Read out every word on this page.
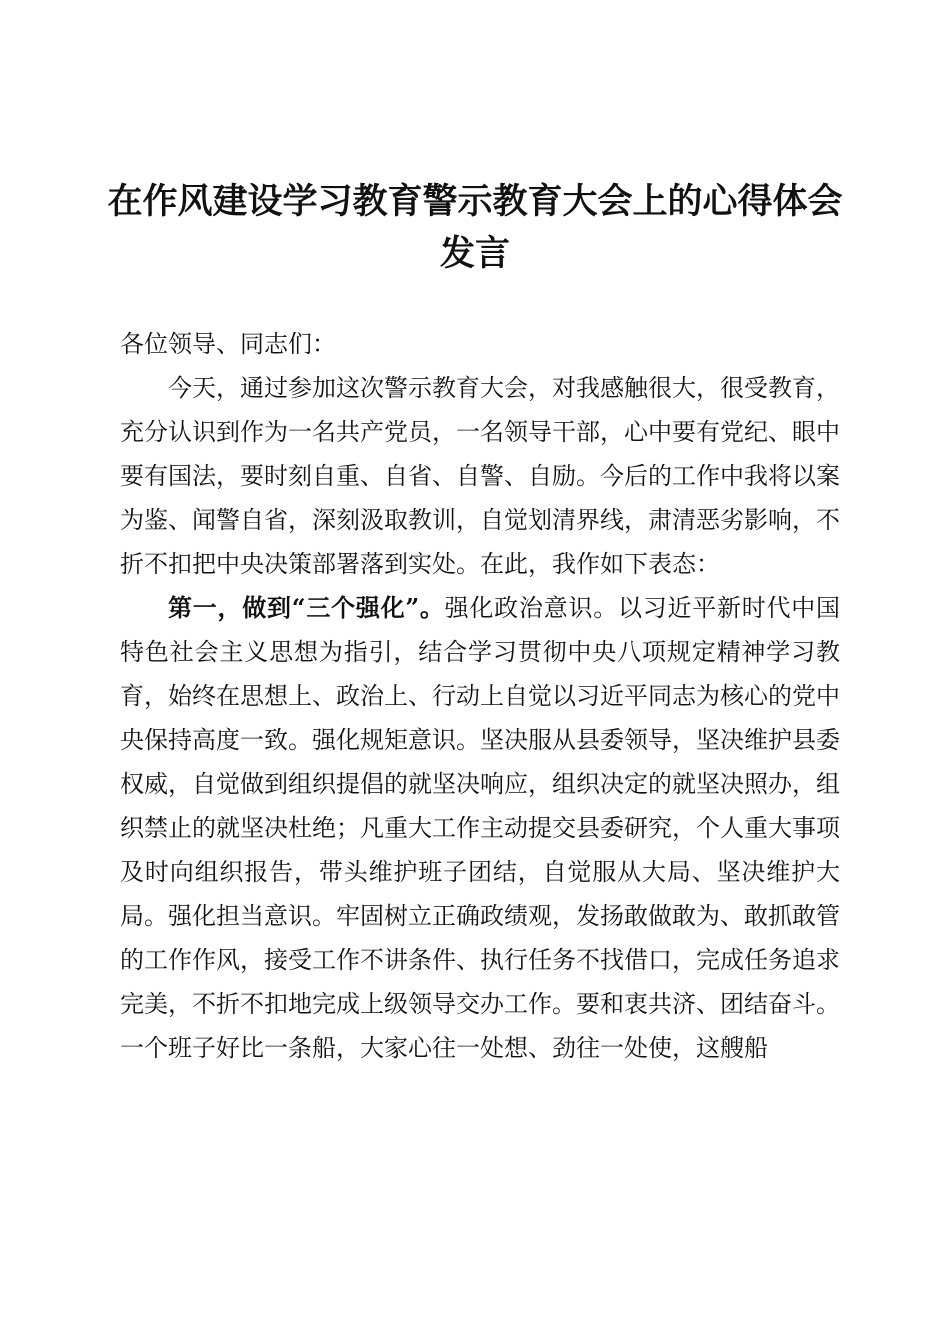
在作风建设学习教育警示教育大会上的心得体会发言

各位领导、同志们：

今天，通过参加这次警示教育大会，对我感触很大，很受教育，充分认识到作为一名共产党员，一名领导干部，心中要有党纪、眼中要有国法，要时刻自重、自省、自警、自励。今后的工作中我将以案为鉴、闻警自省，深刻汲取教训，自觉划清界线，肃清恶劣影响，不折不扣把中央决策部署落到实处。在此，我作如下表态：

第一，做到“三个强化”。强化政治意识。以习近平新时代中国特色社会主义思想为指引，结合学习贯彻中央八项规定精神学习教育，始终在思想上、政治上、行动上自觉以习近平同志为核心的党中央保持高度一致。强化规矩意识。坚决服从县委领导，坚决维护县委权威，自觉做到组织提倡的就坚决响应，组织决定的就坚决照办，组织禁止的就坚决杜绝；凡重大工作主动提交县委研究，个人重大事项及时向组织报告，带头维护班子团结，自觉服从大局、坚决维护大局。强化担当意识。牢固树立正确政绩观，发扬敢做敢为、敢抓敢管的工作作风，接受工作不讲条件、执行任务不找借口，完成任务追求完美，不折不扣地完成上级领导交办工作。要和衷共济、团结奋斗。一个班子好比一条船，大家心往一处想、劲往一处使，这艘船
